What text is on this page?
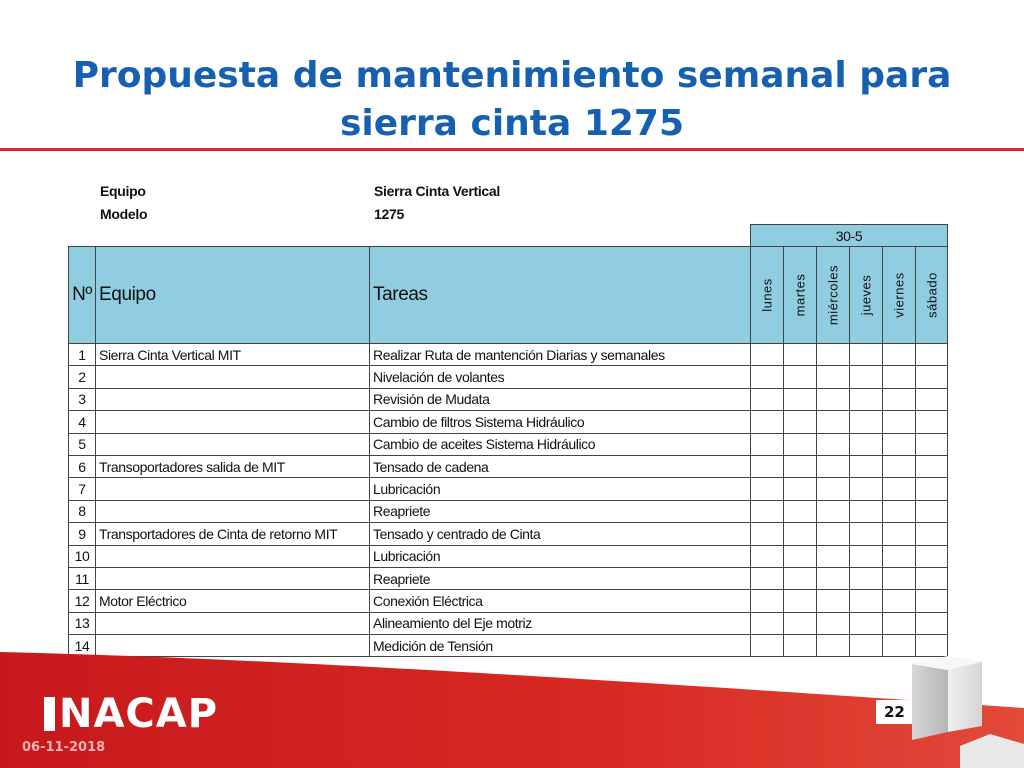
Propuesta de mantenimiento semanal para
sierra cinta 1275
Equipo	Sierra Cinta Vertical
Modelo	1275
			30-5					
Nº	Equipo	Tareas	lunes	martes	miércoles	jueves	viernes	sábado

1	Sierra Cinta Vertical MIT	Realizar Ruta de mantención Diarias y semanales						
2		Nivelación de volantes						
3		Revisión de Mudata						
4		Cambio de filtros Sistema Hidráulico						
5		Cambio de aceites Sistema Hidráulico						
6	Transoportadores salida de MIT	Tensado de cadena						
7		Lubricación						
8		Reapriete						
9	Transportadores de Cinta de retorno MIT	Tensado y centrado de Cinta						
10		Lubricación						
11		Reapriete						
12	Motor Eléctrico	Conexión Eléctrica						
13		Alineamiento del Eje motriz						
14		Medición de Tensión						
NACAP
06-11-2018
22
